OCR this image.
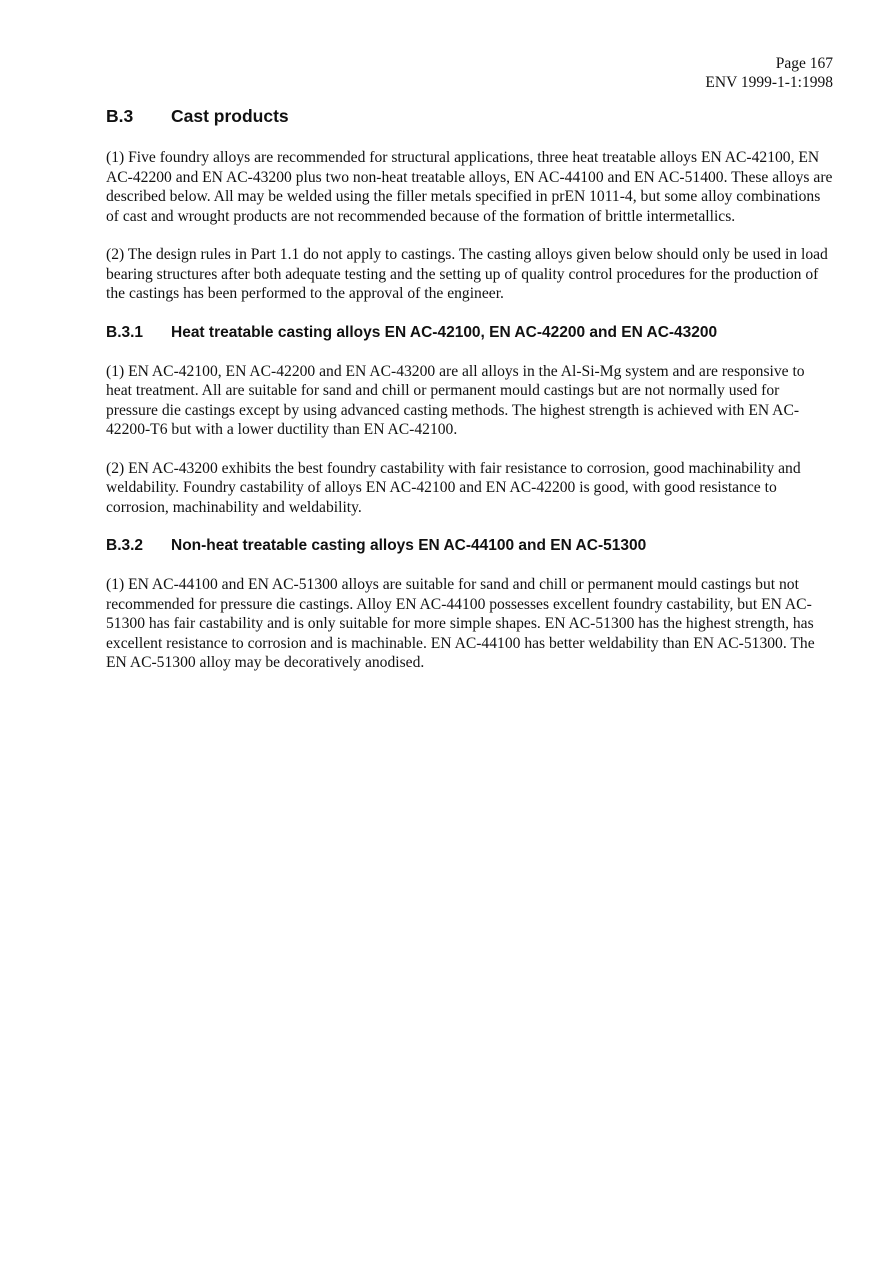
Page 167
ENV 1999-1-1:1998
B.3	Cast products

(1) Five foundry alloys are recommended for structural applications, three heat treatable alloys EN AC-42100, EN AC-42200 and EN AC-43200 plus two non-heat treatable alloys, EN AC-44100 and EN AC-51400. These alloys are described below. All may be welded using the filler metals specified in prEN 1011-4, but some alloy combinations of cast and wrought products are not recommended because of the formation of brittle intermetallics.

(2) The design rules in Part 1.1 do not apply to castings. The casting alloys given below should only be used in load bearing structures after both adequate testing and the setting up of quality control procedures for the production of the castings has been performed to the approval of the engineer.

B.3.1	Heat treatable casting alloys EN AC-42100, EN AC-42200 and EN AC-43200

(1) EN AC-42100, EN AC-42200 and EN AC-43200 are all alloys in the Al-Si-Mg system and are responsive to heat treatment. All are suitable for sand and chill or permanent mould castings but are not normally used for pressure die castings except by using advanced casting methods. The highest strength is achieved with EN AC-42200-T6 but with a lower ductility than EN AC-42100.

(2) EN AC-43200 exhibits the best foundry castability with fair resistance to corrosion, good machinability and weldability. Foundry castability of alloys EN AC-42100 and EN AC-42200 is good, with good resistance to corrosion, machinability and weldability.

B.3.2	Non-heat treatable casting alloys EN AC-44100 and EN AC-51300

(1) EN AC-44100 and EN AC-51300 alloys are suitable for sand and chill or permanent mould castings but not recommended for pressure die castings. Alloy EN AC-44100 possesses excellent foundry castability, but EN AC-51300 has fair castability and is only suitable for more simple shapes. EN AC-51300 has the highest strength, has excellent resistance to corrosion and is machinable. EN AC-44100 has better weldability than EN AC-51300. The EN AC-51300 alloy may be decoratively anodised.
